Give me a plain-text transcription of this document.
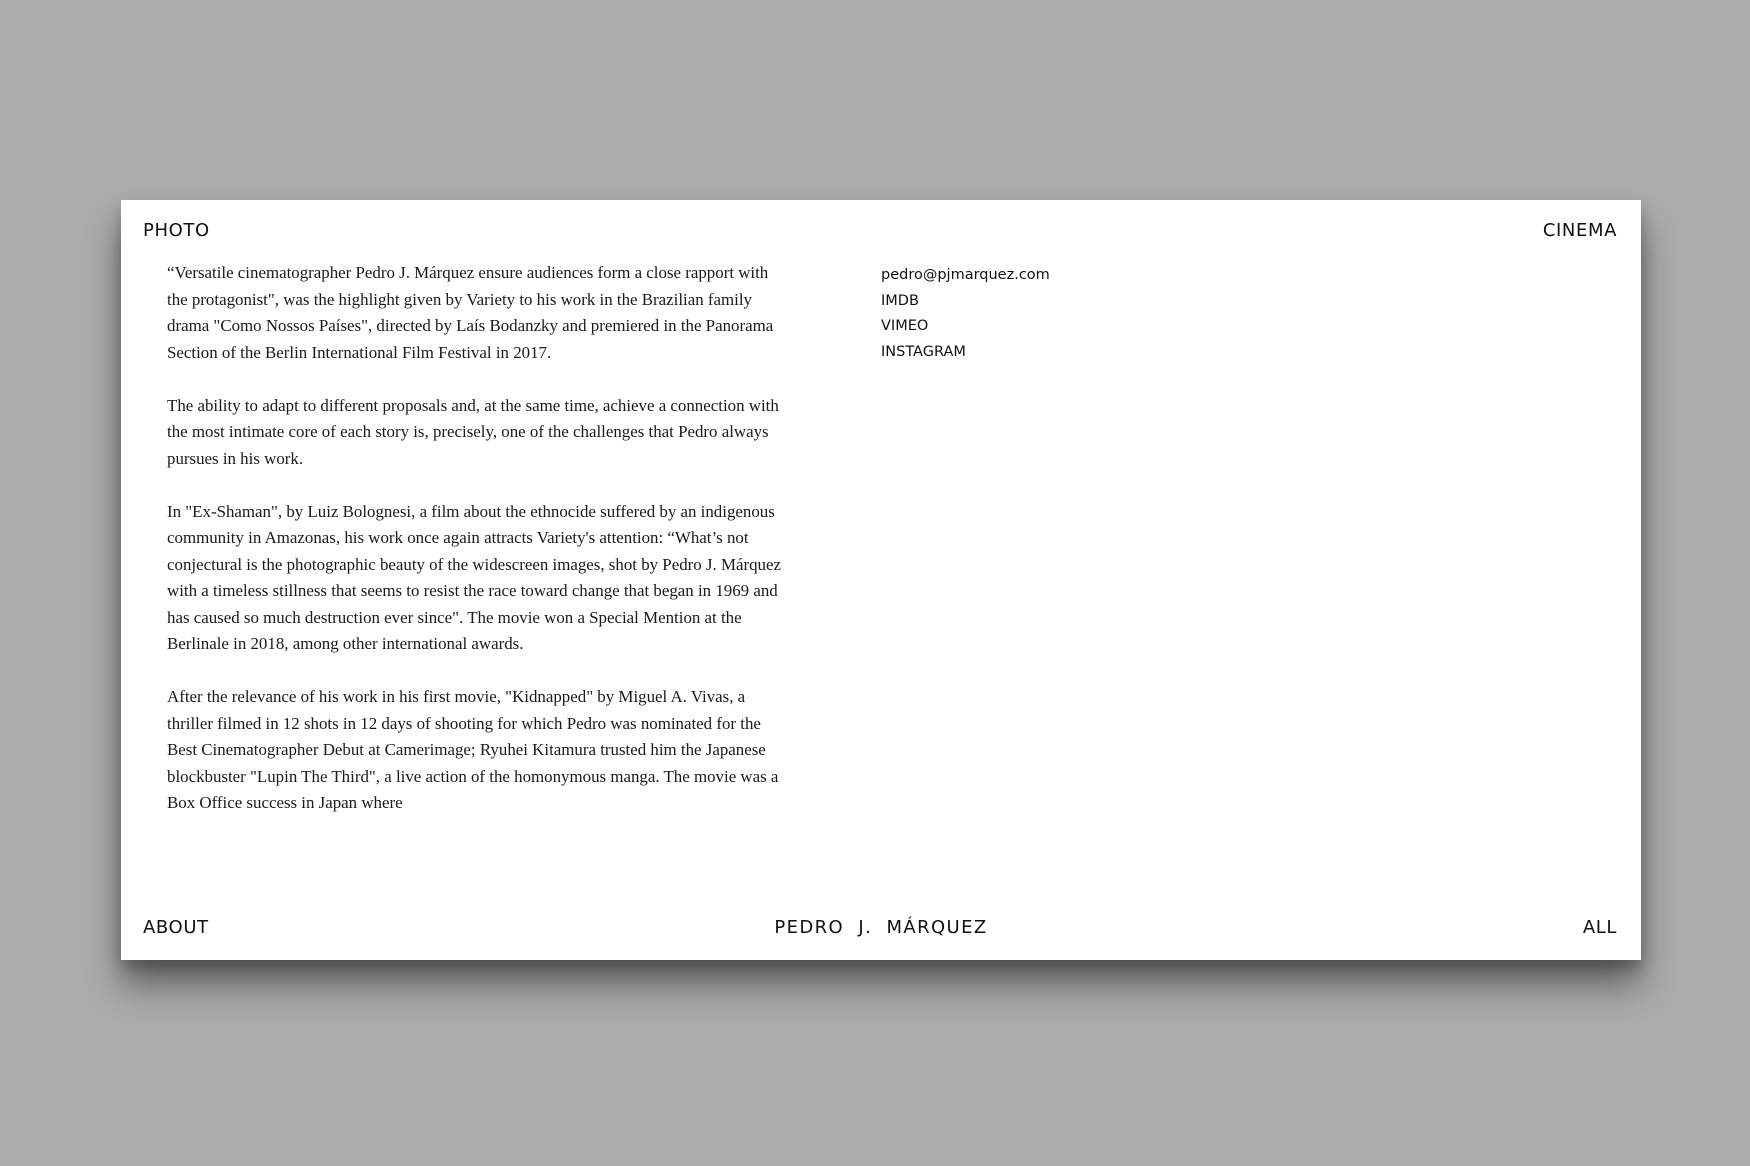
PHOTO	CINEMA

“Versatile cinematographer Pedro J. Márquez ensure audiences form a close rapport with the protagonist", was the highlight given by Variety to his work in the Brazilian family drama "Como Nossos Países", directed by Laís Bodanzky and premiered in the Panorama Section of the Berlin International Film Festival in 2017.

The ability to adapt to different proposals and, at the same time, achieve a connection with the most intimate core of each story is, precisely, one of the challenges that Pedro always pursues in his work.

In "Ex-Shaman", by Luiz Bolognesi, a film about the ethnocide suffered by an indigenous community in Amazonas, his work once again attracts Variety's attention: “What’s not conjectural is the photographic beauty of the widescreen images, shot by Pedro J. Márquez with a timeless stillness that seems to resist the race toward change that began in 1969 and has caused so much destruction ever since". The movie won a Special Mention at the Berlinale in 2018, among other international awards.

After the relevance of his work in his first movie, "Kidnapped" by Miguel A. Vivas, a thriller filmed in 12 shots in 12 days of shooting for which Pedro was nominated for the Best Cinematographer Debut at Camerimage; Ryuhei Kitamura trusted him the Japanese blockbuster "Lupin The Third", a live action of the homonymous manga. The movie was a Box Office success in Japan where

pedro@pjmarquez.com
IMDB
VIMEO
INSTAGRAM
ABOUT	PEDRO  J.  MÁRQUEZ	ALL
